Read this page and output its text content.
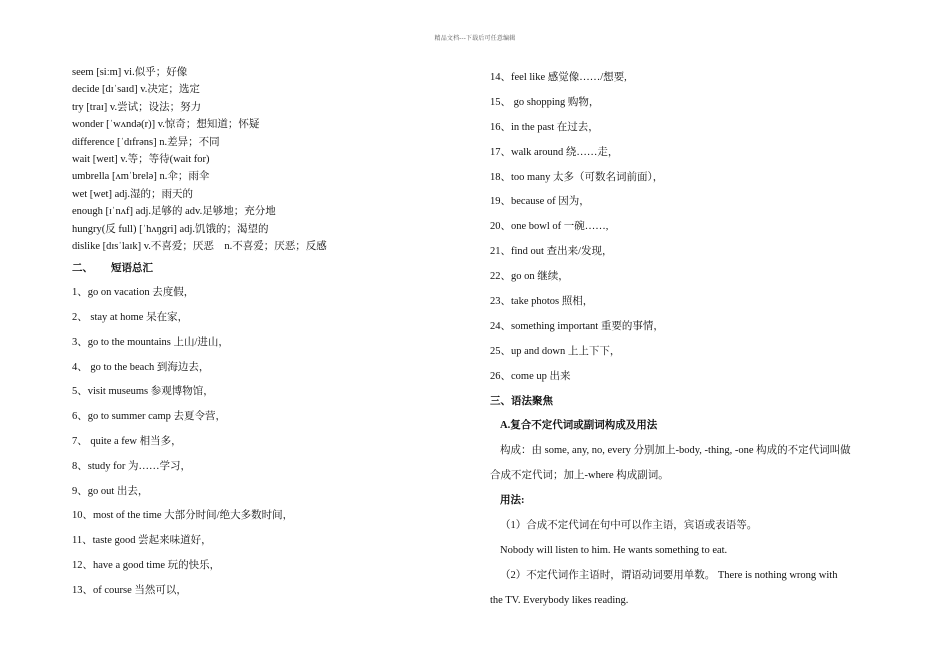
精品文档---下载后可任意编辑
seem [siːm] vi.似乎；好像
decide [dɪˈsaɪd] v.决定；选定
try [traɪ] v.尝试；设法；努力
wonder [ˈwʌndə(r)] v.惊奇；想知道；怀疑
difference [ˈdɪfrəns] n.差异；不同
wait [weɪt] v.等；等待(wait for)
umbrella [ʌmˈbrelə] n.伞；雨伞
wet [wet] adj.湿的；雨天的
enough [ɪˈnʌf] adj.足够的 adv.足够地；充分地
hungry(反 full) [ˈhʌŋgri] adj.饥饿的；渴望的
dislike [dɪsˈlaɪk] v.不喜爱；厌恶　n.不喜爱；厌恶；反感
二、 短语总汇
1、go on vacation 去度假，
2、 stay at home 呆在家，
3、go to the mountains 上山/进山，
4、 go to the beach 到海边去，
5、visit museums 参观博物馆，
6、go to summer camp 去夏令营，
7、 quite a few 相当多，
8、study for 为……学习，
9、go out 出去，
10、most of the time 大部分时间/绝大多数时间，
11、taste good 尝起来味道好，
12、have a good time 玩的快乐，
13、of course 当然可以，
14、feel like 感觉像……/想要,
15、 go shopping 购物，
16、in the past 在过去，
17、walk around 绕……走，
18、too many 太多（可数名词前面），
19、because of 因为，
20、one bowl of 一碗……,
21、find out 查出来/发现，
22、go on 继续，
23、take photos 照相，
24、something important 重要的事情，
25、up and down 上上下下，
26、come up 出来
三、语法聚焦
A.复合不定代词或副词构成及用法
构成：由 some, any, no, every 分别加上-body, -thing, -one 构成的不定代词叫做
合成不定代词；加上-where 构成副词。
用法:
（1）合成不定代词在句中可以作主语，宾语或表语等。
Nobody will listen to him. He wants something to eat.
（2）不定代词作主语时，谓语动词要用单数。 There is nothing wrong with
the TV. Everybody likes reading.
